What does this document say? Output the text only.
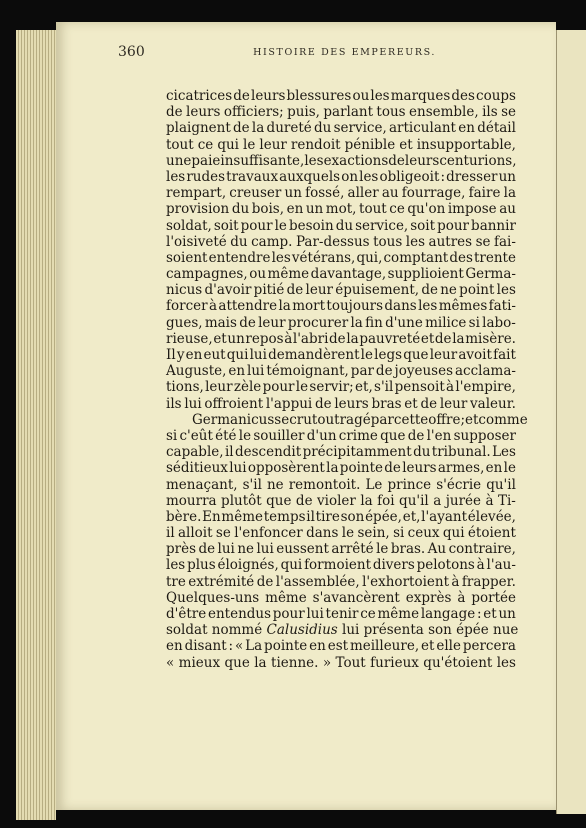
360	HISTOIRE DES EMPEREURS.
cicatrices de leurs blessures ou les marques des coups
de leurs officiers; puis, parlant tous ensemble, ils se
plaignent de la dureté du service, articulant en détail
tout ce qui le leur rendoit pénible et insupportable,
une paie insuffisante, les exactions de leurs centurions,
les rudes travaux auxquels on les obligeoit : dresser un
rempart, creuser un fossé, aller au fourrage, faire la
provision du bois, en un mot, tout ce qu'on impose au
soldat, soit pour le besoin du service, soit pour bannir
l'oisiveté du camp. Par-dessus tous les autres se fai-
soient entendre les vétérans, qui, comptant des trente
campagnes, ou même davantage, supplioient Germa-
nicus d'avoir pitié de leur épuisement, de ne point les
forcer à attendre la mort toujours dans les mêmes fati-
gues, mais de leur procurer la fin d'une milice si labo-
rieuse, et un repos à l'abri de la pauvreté et de la misère.
Il y en eut qui lui demandèrent le legs que leur avoit fait
Auguste, en lui témoignant, par de joyeuses acclama-
tions, leur zèle pour le servir; et, s'il pensoit à l'empire,
ils lui offroient l'appui de leurs bras et de leur valeur.
Germanicus se crut outragé par cette offre; et comme
si c'eût été le souiller d'un crime que de l'en supposer
capable, il descendit précipitamment du tribunal. Les
séditieux lui opposèrent la pointe de leurs armes, en le
menaçant, s'il ne remontoit. Le prince s'écrie qu'il
mourra plutôt que de violer la foi qu'il a jurée à Ti-
bère. En même temps il tire son épée, et, l'ayant élevée,
il alloit se l'enfoncer dans le sein, si ceux qui étoient
près de lui ne lui eussent arrêté le bras. Au contraire,
les plus éloignés, qui formoient divers pelotons à l'au-
tre extrémité de l'assemblée, l'exhortoient à frapper.
Quelques-uns même s'avancèrent exprès à portée
d'être entendus pour lui tenir ce même langage : et un
soldat nommé Calusidius lui présenta son épée nue
en disant : « La pointe en est meilleure, et elle percera
« mieux que la tienne. » Tout furieux qu'étoient les
